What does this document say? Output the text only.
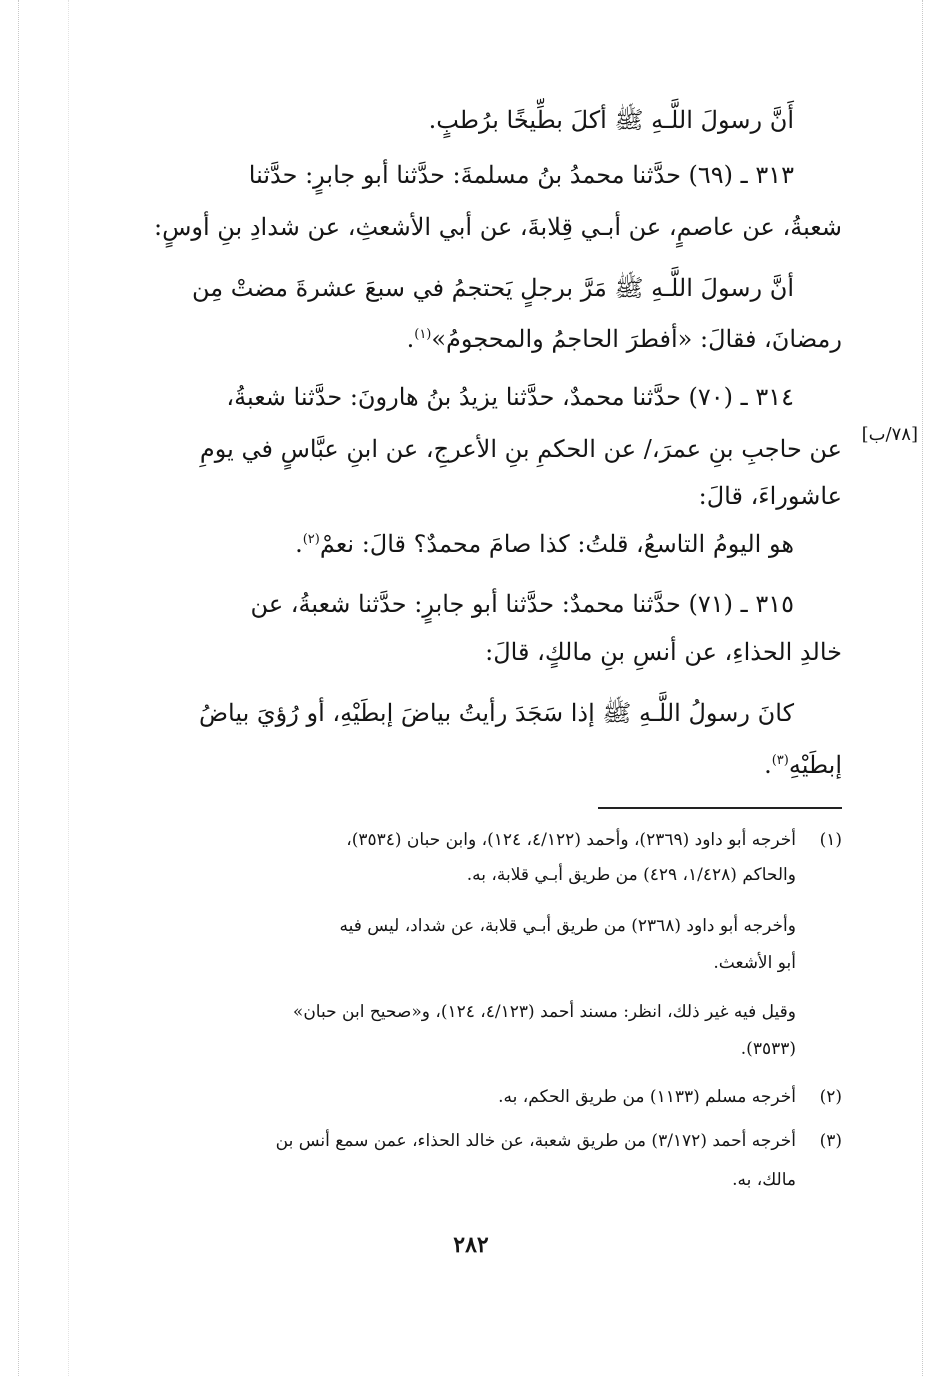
أَنَّ رسولَ اللَّـهِ ﷺ أكلَ بطِّيخًا برُطبٍ.
٣١٣ ـ (٦٩) حدَّثنا محمدُ بنُ مسلمةَ: حدَّثنا أبو جابرٍ: حدَّثنا
شعبةُ، عن عاصمٍ، عن أبـي قِلابةَ، عن أبي الأشعثِ، عن شدادِ بنِ أوسٍ:
أنَّ رسولَ اللَّـهِ ﷺ مَرَّ برجلٍ يَحتجمُ في سبعَ عشرةَ مضتْ مِن
رمضانَ، فقالَ: «أفطرَ الحاجمُ والمحجومُ»$^{(١)}$.
٣١٤ ـ (٧٠) حدَّثنا محمدٌ، حدَّثنا يزيدُ بنُ هارونَ: حدَّثنا شعبةُ،
عن حاجبِ بنِ عمرَ،/ عن الحكمِ بنِ الأعرجِ، عن ابنِ عبَّاسٍ في يومِ
[٧٨/ب]
عاشوراءَ، قالَ:
هو اليومُ التاسعُ، قلتُ: كذا صامَ محمدٌ؟ قالَ: نعمْ$^{(٢)}$.
٣١٥ ـ (٧١) حدَّثنا محمدٌ: حدَّثنا أبو جابرٍ: حدَّثنا شعبةُ، عن
خالدِ الحذاءِ، عن أنسِ بنِ مالكٍ، قالَ:
كانَ رسولُ اللَّـهِ ﷺ إذا سَجَدَ رأيتُ بياضَ إبطَيْهِ، أو رُؤيَ بياضُ
إبطَيْهِ$^{(٣)}$.
(١)أخرجه أبو داود (٢٣٦٩)، وأحمد (٤/١٢٢، ١٢٤)، وابن حبان (٣٥٣٤)،
والحاكم (١/٤٢٨، ٤٢٩) من طريق أبـي قلابة، به.
وأخرجه أبو داود (٢٣٦٨) من طريق أبـي قلابة، عن شداد، ليس فيه
أبو الأشعث.
وقيل فيه غير ذلك، انظر: مسند أحمد (٤/١٢٣، ١٢٤)، و«صحيح ابن حبان»
(٣٥٣٣).
(٢)أخرجه مسلم (١١٣٣) من طريق الحكم، به.
(٣)أخرجه أحمد (٣/١٧٢) من طريق شعبة، عن خالد الحذاء، عمن سمع أنس بن
مالك، به.
٢٨٢
